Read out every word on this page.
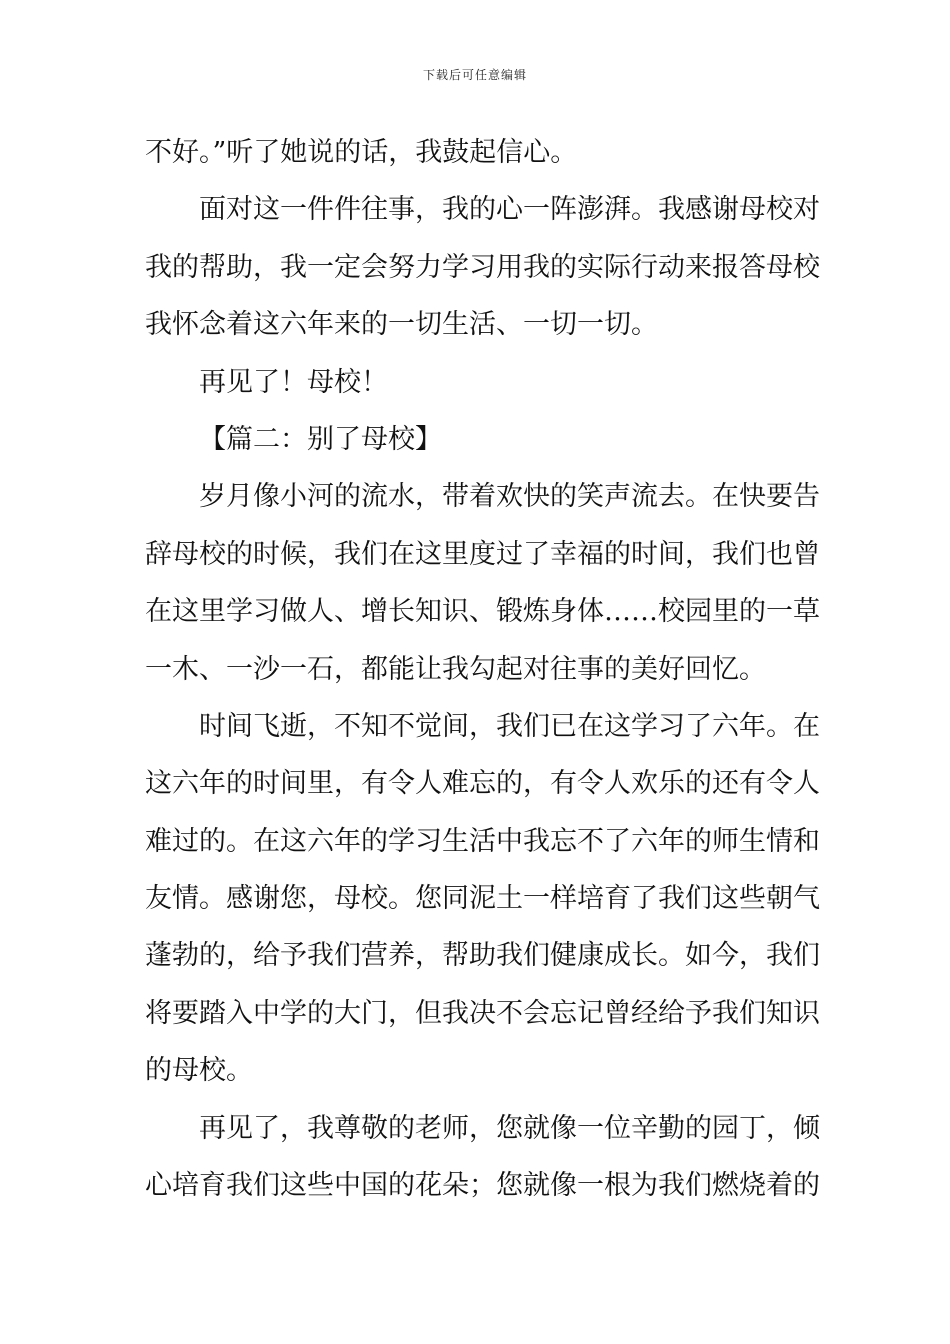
下载后可任意编辑
不好。”听了她说的话，我鼓起信心。
面对这一件件往事，我的心一阵澎湃。我感谢母校对
我的帮助，我一定会努力学习用我的实际行动来报答母校
我怀念着这六年来的一切生活、一切一切。
再见了！母校！
【篇二：别了母校】
岁月像小河的流水，带着欢快的笑声流去。在快要告
辞母校的时候，我们在这里度过了幸福的时间，我们也曾
在这里学习做人、增长知识、锻炼身体……校园里的一草
一木、一沙一石，都能让我勾起对往事的美好回忆。
时间飞逝，不知不觉间，我们已在这学习了六年。在
这六年的时间里，有令人难忘的，有令人欢乐的还有令人
难过的。在这六年的学习生活中我忘不了六年的师生情和
友情。感谢您，母校。您同泥土一样培育了我们这些朝气
蓬勃的，给予我们营养，帮助我们健康成长。如今，我们
将要踏入中学的大门，但我决不会忘记曾经给予我们知识
的母校。
再见了，我尊敬的老师，您就像一位辛勤的园丁，倾
心培育我们这些中国的花朵；您就像一根为我们燃烧着的
